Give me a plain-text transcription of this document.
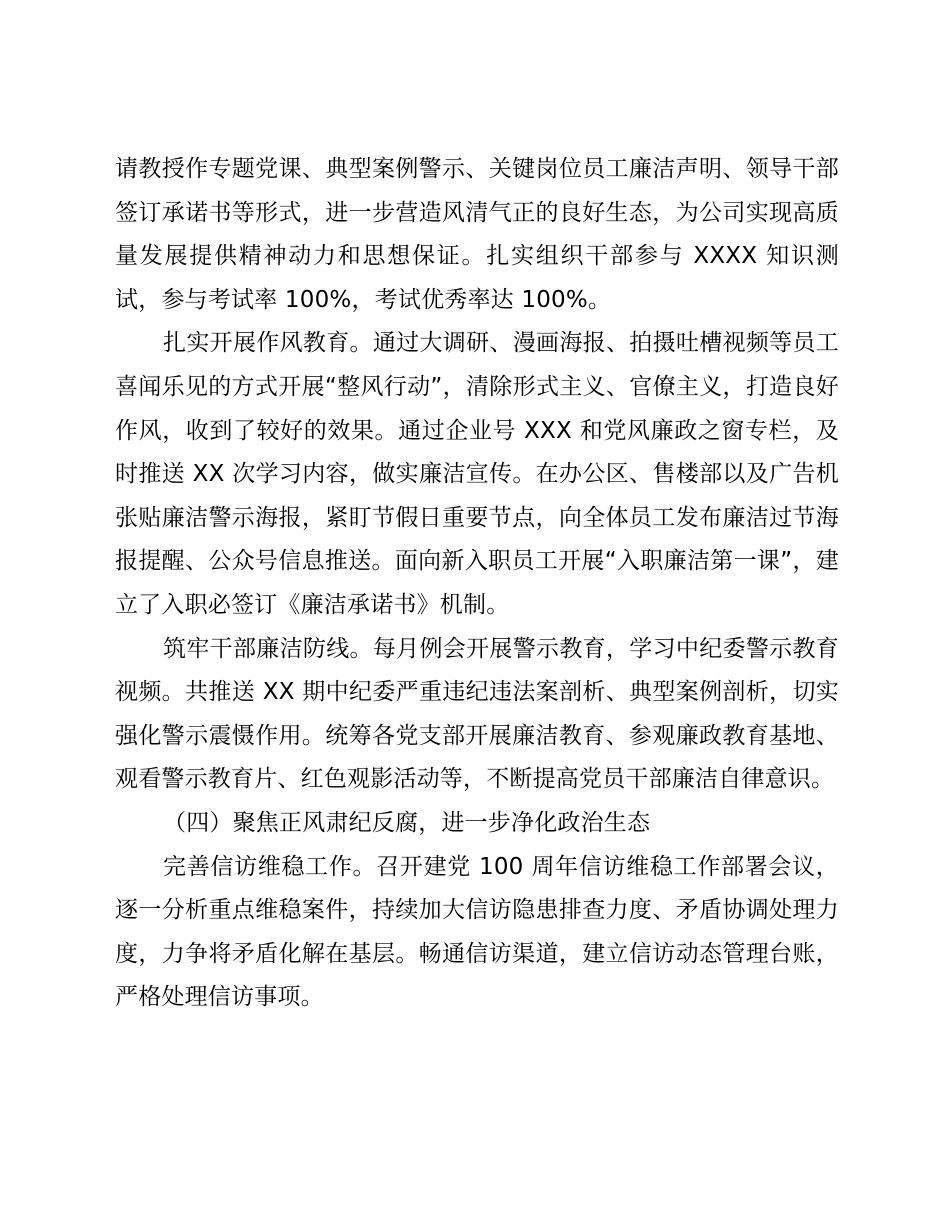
请教授作专题党课、典型案例警示、关键岗位员工廉洁声明、领导干部签订承诺书等形式，进一步营造风清气正的良好生态，为公司实现高质量发展提供精神动力和思想保证。扎实组织干部参与 XXXX 知识测试，参与考试率 100%，考试优秀率达 100%。

扎实开展作风教育。通过大调研、漫画海报、拍摄吐槽视频等员工喜闻乐见的方式开展“整风行动”，清除形式主义、官僚主义，打造良好作风，收到了较好的效果。通过企业号 XXX 和党风廉政之窗专栏，及时推送 XX 次学习内容，做实廉洁宣传。在办公区、售楼部以及广告机张贴廉洁警示海报，紧盯节假日重要节点，向全体员工发布廉洁过节海报提醒、公众号信息推送。面向新入职员工开展“入职廉洁第一课”，建立了入职必签订《廉洁承诺书》机制。

筑牢干部廉洁防线。每月例会开展警示教育，学习中纪委警示教育视频。共推送 XX 期中纪委严重违纪违法案剖析、典型案例剖析，切实强化警示震慑作用。统筹各党支部开展廉洁教育、参观廉政教育基地、观看警示教育片、红色观影活动等，不断提高党员干部廉洁自律意识。

（四）聚焦正风肃纪反腐，进一步净化政治生态

完善信访维稳工作。召开建党 100 周年信访维稳工作部署会议，逐一分析重点维稳案件，持续加大信访隐患排查力度、矛盾协调处理力度，力争将矛盾化解在基层。畅通信访渠道，建立信访动态管理台账，严格处理信访事项。
